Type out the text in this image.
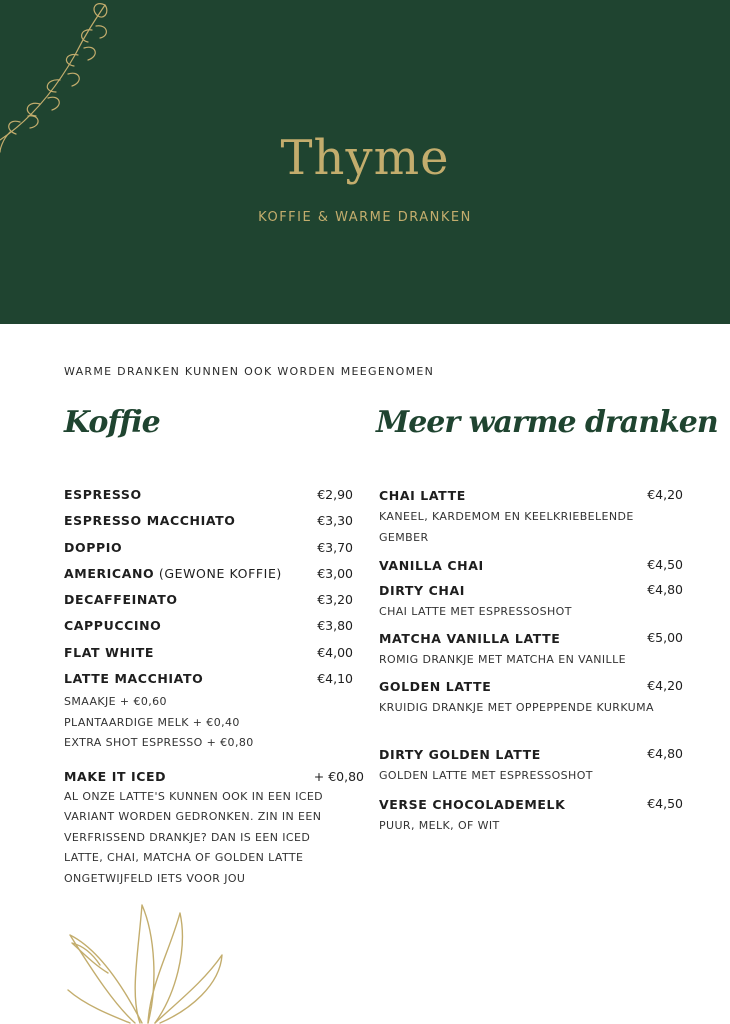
Thyme
KOFFIE & WARME DRANKEN
WARME DRANKEN KUNNEN OOK WORDEN MEEGENOMEN
Koffie	Meer warme dranken
ESPRESSO	€2,90
ESPRESSO MACCHIATO	€3,30
DOPPIO	€3,70
AMERICANO (GEWONE KOFFIE)	€3,00
DECAFFEINATO	€3,20
CAPPUCCINO	€3,80
FLAT WHITE	€4,00
LATTE MACCHIATO	€4,10
SMAAKJE + €0,60
PLANTAARDIGE MELK + €0,40
EXTRA SHOT ESPRESSO + €0,80
MAKE IT ICED	+ €0,80
AL ONZE LATTE'S KUNNEN OOK IN EEN ICED VARIANT WORDEN GEDRONKEN. ZIN IN EEN VERFRISSEND DRANKJE? DAN IS EEN ICED LATTE, CHAI, MATCHA OF GOLDEN LATTE ONGETWIJFELD IETS VOOR JOU
CHAI LATTE	€4,20
KANEEL, KARDEMOM EN KEELKRIEBELENDE GEMBER
VANILLA CHAI	€4,50
DIRTY CHAI	€4,80
CHAI LATTE MET ESPRESSOSHOT
MATCHA VANILLA LATTE	€5,00
ROMIG DRANKJE MET MATCHA EN VANILLE
GOLDEN LATTE	€4,20
KRUIDIG DRANKJE MET OPPEPPENDE KURKUMA
DIRTY GOLDEN LATTE	€4,80
GOLDEN LATTE MET ESPRESSOSHOT
VERSE CHOCOLADEMELK	€4,50
PUUR, MELK, OF WIT
